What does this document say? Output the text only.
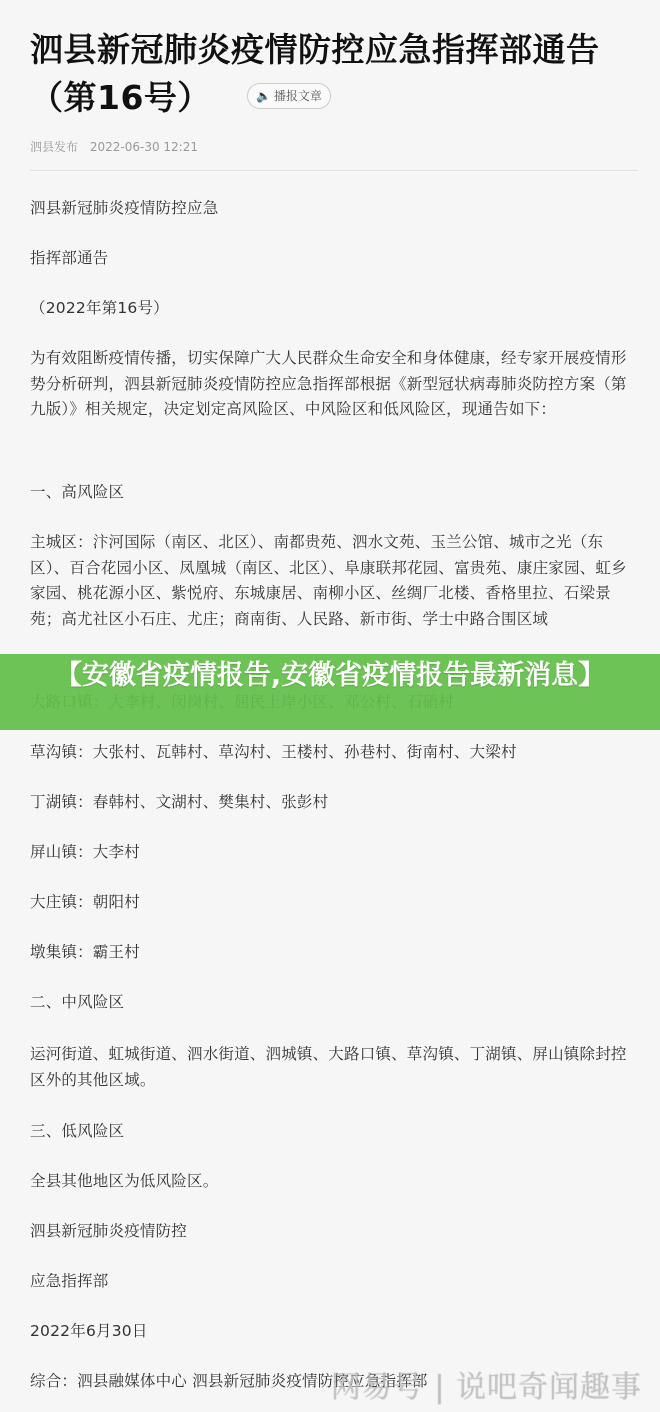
泗县新冠肺炎疫情防控应急指挥部通告
（第16号）	🔈 播报文章
泗县发布 2022-06-30 12:21
泗县新冠肺炎疫情防控应急
指挥部通告
（2022年第16号）
为有效阻断疫情传播，切实保障广大人民群众生命安全和身体健康，经专家开展疫情形势分析研判，泗县新冠肺炎疫情防控应急指挥部根据《新型冠状病毒肺炎防控方案（第九版）》相关规定，决定划定高风险区、中风险区和低风险区，现通告如下：
一、高风险区
主城区：汴河国际（南区、北区）、南都贵苑、泗水文苑、玉兰公馆、城市之光（东区）、百合花园小区、凤凰城（南区、北区）、阜康联邦花园、富贵苑、康庄家园、虹乡家园、桃花源小区、紫悦府、东城康居、南柳小区、丝绸厂北楼、香格里拉、石梁景苑；高尤社区小石庄、尤庄；商南街、人民路、新市街、学士中路合围区域
草沟镇：大张村、瓦韩村、草沟村、王楼村、孙巷村、街南村、大梁村
丁湖镇：春韩村、文湖村、樊集村、张彭村
屏山镇：大李村
大庄镇：朝阳村
墩集镇：霸王村
二、中风险区
运河街道、虹城街道、泗水街道、泗城镇、大路口镇、草沟镇、丁湖镇、屏山镇除封控区外的其他区域。
三、低风险区
全县其他地区为低风险区。
泗县新冠肺炎疫情防控
应急指挥部
2022年6月30日
综合：泗县融媒体中心 泗县新冠肺炎疫情防控应急指挥部
【安徽省疫情报告,安徽省疫情报告最新消息】
网易号 | 说吧奇闻趣事
